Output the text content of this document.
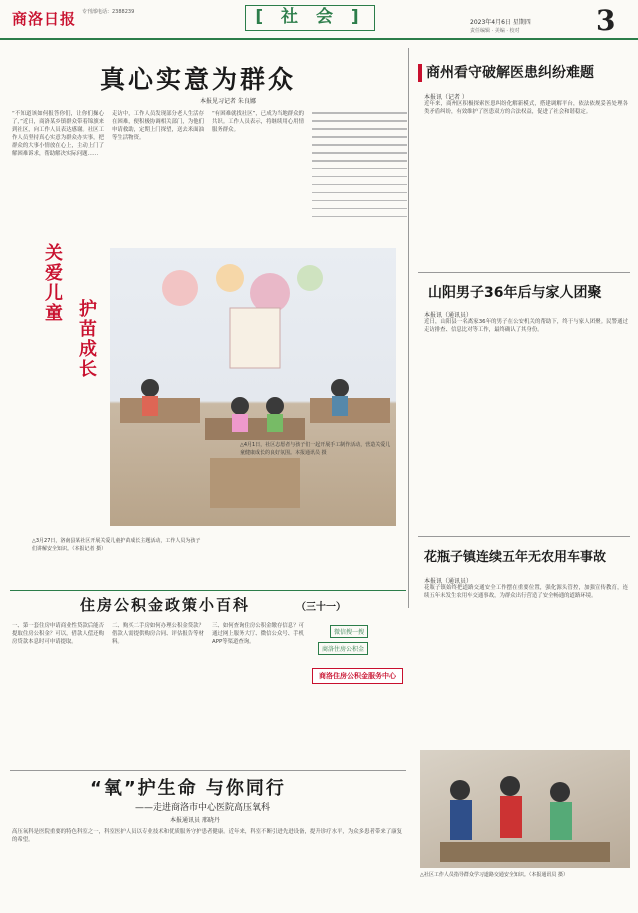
商洛日报 专刊部电话：2388239	[ 社 会 ]	2023年4月6日 星期四
责任编辑 · 美编 · 校对	3
真心实意为群众
本报见习记者 朱良娜
“不知道该如何报答你们，让你们操心了，”近日，商洛某乡镇群众带着锦旗来到社区，向工作人员表达感谢。社区工作人员坚持真心实意为群众办实事，把群众的大事小情放在心上，主动上门了解困难诉求，帮助解决实际问题……
走访中，工作人员发现部分老人生活存在困难，便积极协调相关部门，为他们申请救助，定期上门探望，送去米面油等生活物资。
“有困难就找社区”，已成为当地群众的共识。工作人员表示，将继续用心用情服务群众。
关爱儿童 护苗成长
△3月27日，洛南县某社区开展关爱儿童护苗成长主题活动，工作人员为孩子们讲解安全知识。（本报记者 摄）
△4月1日，社区志愿者与孩子们一起开展手工制作活动，营造关爱儿童健康成长的良好氛围。本报通讯员 摄
住房公积金政策小百科	（三十一）
一、第一套住房申请商业性贷款后能否提取住房公积金？可以，借款人偿还购房贷款本息时可申请提取。
二、购买二手房如何办理公积金贷款？借款人需提供购房合同、评估报告等材料。
三、如何查询住房公积金缴存信息？可通过网上服务大厅、微信公众号、手机APP等渠道查询。
微信搜一搜
商洛住房公积金
商洛住房公积金服务中心
“氧”护生命 与你同行
——走进商洛市中心医院高压氧科
本报通讯员 邢晓丹
高压氧科是医院重要的特色科室之一，科室医护人员以专业技术和优质服务守护患者健康。近年来，科室不断引进先进设备，提升诊疗水平，为众多患者带来了康复的希望。
商州看守破解医患纠纷难题
本报讯（记者 ）
近年来，商州区积极探索医患纠纷化解新模式，搭建调解平台，依法依规妥善处理各类矛盾纠纷，有效维护了医患双方的合法权益，促进了社会和谐稳定。
山阳男子36年后与家人团聚
本报讯（通讯员）
近日，山阳县一名离家36年的男子在公安机关的帮助下，终于与家人团聚。民警通过走访排查、信息比对等工作，最终确认了其身份。
花瓶子镇连续五年无农用车事故
本报讯（通讯员）
花瓶子镇始终把道路交通安全工作摆在重要位置，强化源头管控，加强宣传教育，连续五年未发生农用车交通事故，为群众出行营造了安全畅通的道路环境。
△社区工作人员指导群众学习道路交通安全知识。（本报通讯员 摄）
